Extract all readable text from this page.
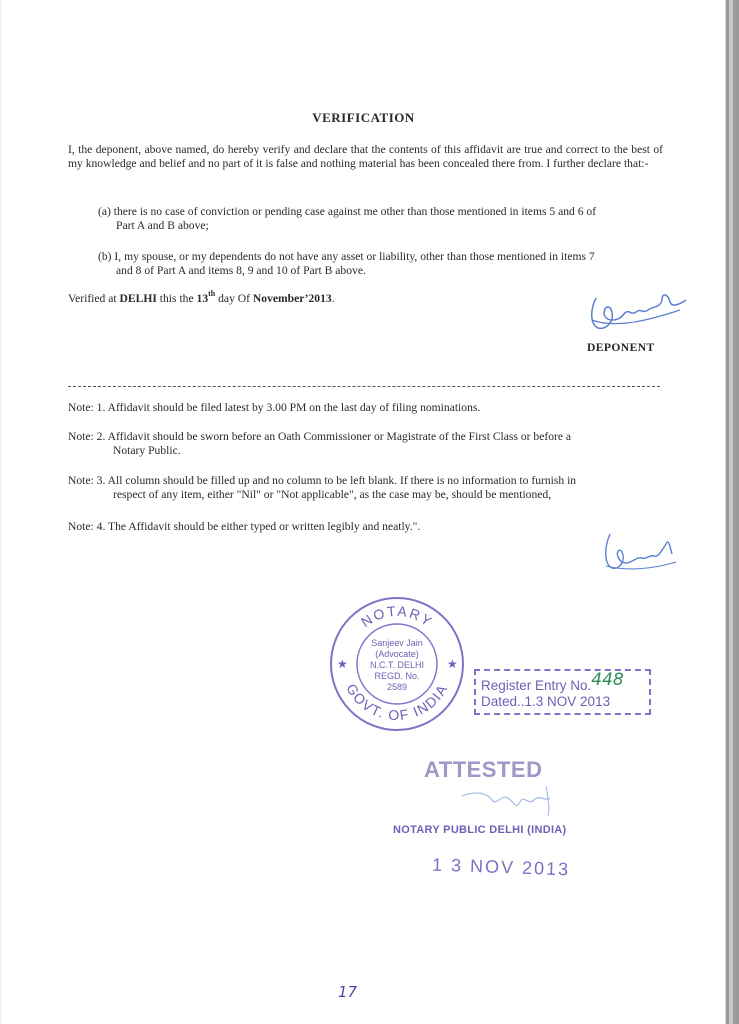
VERIFICATION
I, the deponent, above named, do hereby verify and declare that the contents of this affidavit are true and correct to the best of my knowledge and belief and no part of it is false and nothing material has been concealed there from. I further declare that:-
(a) there is no case of conviction or pending case against me other than those mentioned in items 5 and 6 of
Part A and B above;
(b) I, my spouse, or my dependents do not have any asset or liability, other than those mentioned in items 7
and 8 of Part A and items 8, 9 and 10 of Part B above.
Verified at DELHI this the 13th day Of November’2013.
DEPONENT
Note: 1. Affidavit should be filed latest by 3.00 PM on the last day of filing nominations.
Note: 2. Affidavit should be sworn before an Oath Commissioner or Magistrate of the First Class or before a
Notary Public.
Note: 3. All column should be filled up and no column to be left blank. If there is no information to furnish in
respect of any item, either "Nil" or "Not applicable", as the case may be, should be mentioned,
Note: 4. The Affidavit should be either typed or written legibly and neatly.".
NOTARY
GOVT. OF INDIA
★	★
Sanjeev Jain
(Advocate)
N.C.T. DELHI
REGD. No.
2589	Register Entry No.448
Dated..1.3 NOV 2013
ATTESTED
NOTARY PUBLIC DELHI (INDIA)
1 3 NOV 2013
17
